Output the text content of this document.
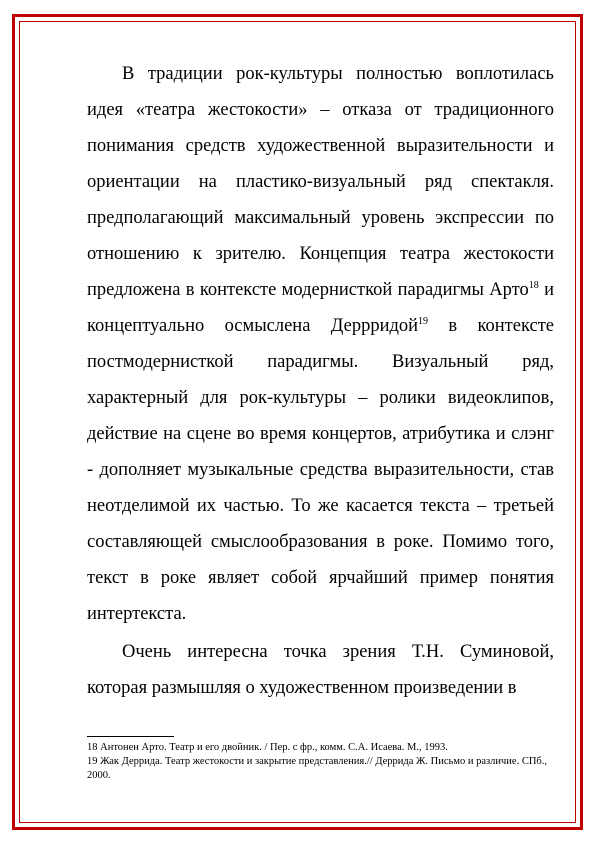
В традиции рок-культуры полностью воплотилась идея «театра жестокости» – отказа от традиционного понимания средств художественной выразительности и ориентации на пластико-визуальный ряд спектакля. предполагающий максимальный уровень экспрессии по отношению к зрителю. Концепция театра жестокости предложена в контексте модернисткой парадигмы Арто$^{18}$ и концептуально осмыслена Деррридой$^{19}$ в контексте постмодернисткой парадигмы. Визуальный ряд, характерный для рок-культуры – ролики видеоклипов, действие на сцене во время концертов, атрибутика и слэнг - дополняет музыкальные средства выразительности, став неотделимой их частью. То же касается текста – третьей составляющей смыслообразования в роке. Помимо того, текст в роке являет собой ярчайший пример понятия интертекста.

Очень интересна точка зрения Т.Н. Суминовой, которая размышляя о художественном произведении в

18 Антонен Арто. Театр и его двойник. / Пер. с фр., комм. С.А. Исаева. М., 1993.
19 Жак Деррида. Театр жестокости и закрытие представления.// Деррида Ж. Письмо и различие. СПб., 2000.
